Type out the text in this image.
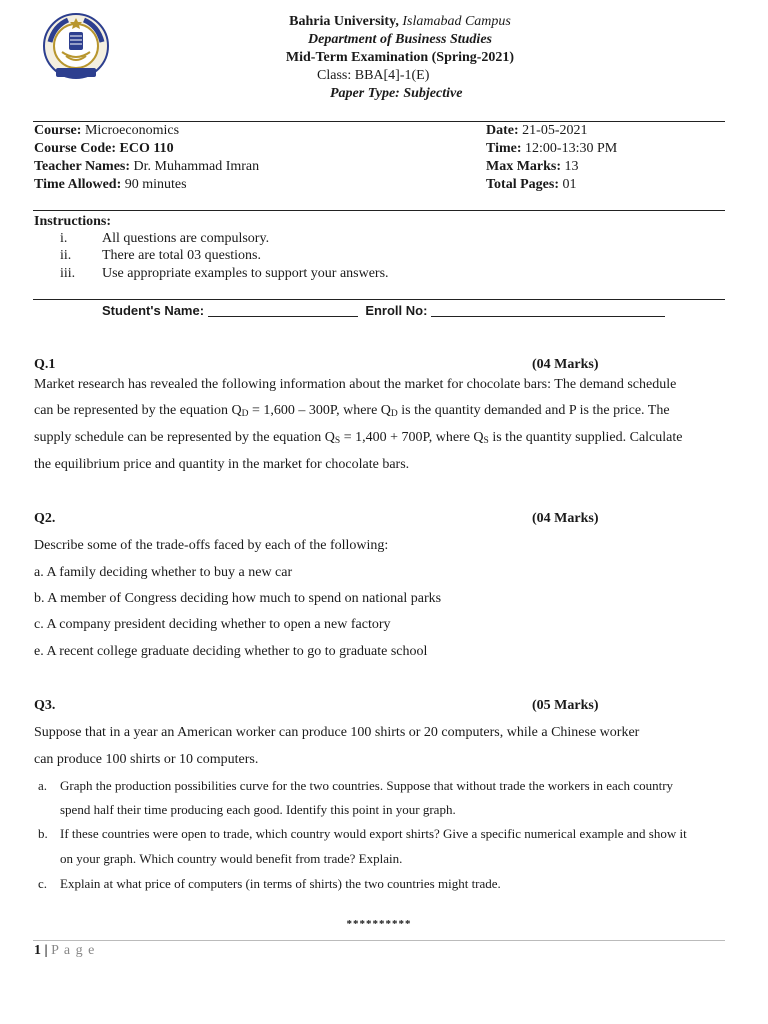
Bahria University, Islamabad Campus
Department of Business Studies
Mid-Term Examination (Spring-2021)
Class: BBA[4]-1(E)
Paper Type: Subjective
Course: Microeconomics
Course Code: ECO 110
Teacher Names: Dr. Muhammad Imran
Time Allowed: 90 minutes
Date: 21-05-2021
Time: 12:00-13:30 PM
Max Marks: 13
Total Pages: 01
Instructions:
i. All questions are compulsory.
ii. There are total 03 questions.
iii. Use appropriate examples to support your answers.
Student's Name:	Enroll No:
Q.1	(04 Marks)
Market research has revealed the following information about the market for chocolate bars: The demand schedule
can be represented by the equation $Q_D = 1,600 - 300P$, where $Q_D$ is the quantity demanded and P is the price. The
supply schedule can be represented by the equation $Q_S = 1,400 + 700P$, where $Q_S$ is the quantity supplied. Calculate
the equilibrium price and quantity in the market for chocolate bars.
Q2.	(04 Marks)
Describe some of the trade-offs faced by each of the following:
a. A family deciding whether to buy a new car
b. A member of Congress deciding how much to spend on national parks
c. A company president deciding whether to open a new factory
e. A recent college graduate deciding whether to go to graduate school
Q3.	(05 Marks)
Suppose that in a year an American worker can produce 100 shirts or 20 computers, while a Chinese worker
can produce 100 shirts or 10 computers.
a. Graph the production possibilities curve for the two countries. Suppose that without trade the workers in each country
spend half their time producing each good. Identify this point in your graph.
b. If these countries were open to trade, which country would export shirts? Give a specific numerical example and show it
on your graph. Which country would benefit from trade? Explain.
c. Explain at what price of computers (in terms of shirts) the two countries might trade.
**********
1 | P a g e
